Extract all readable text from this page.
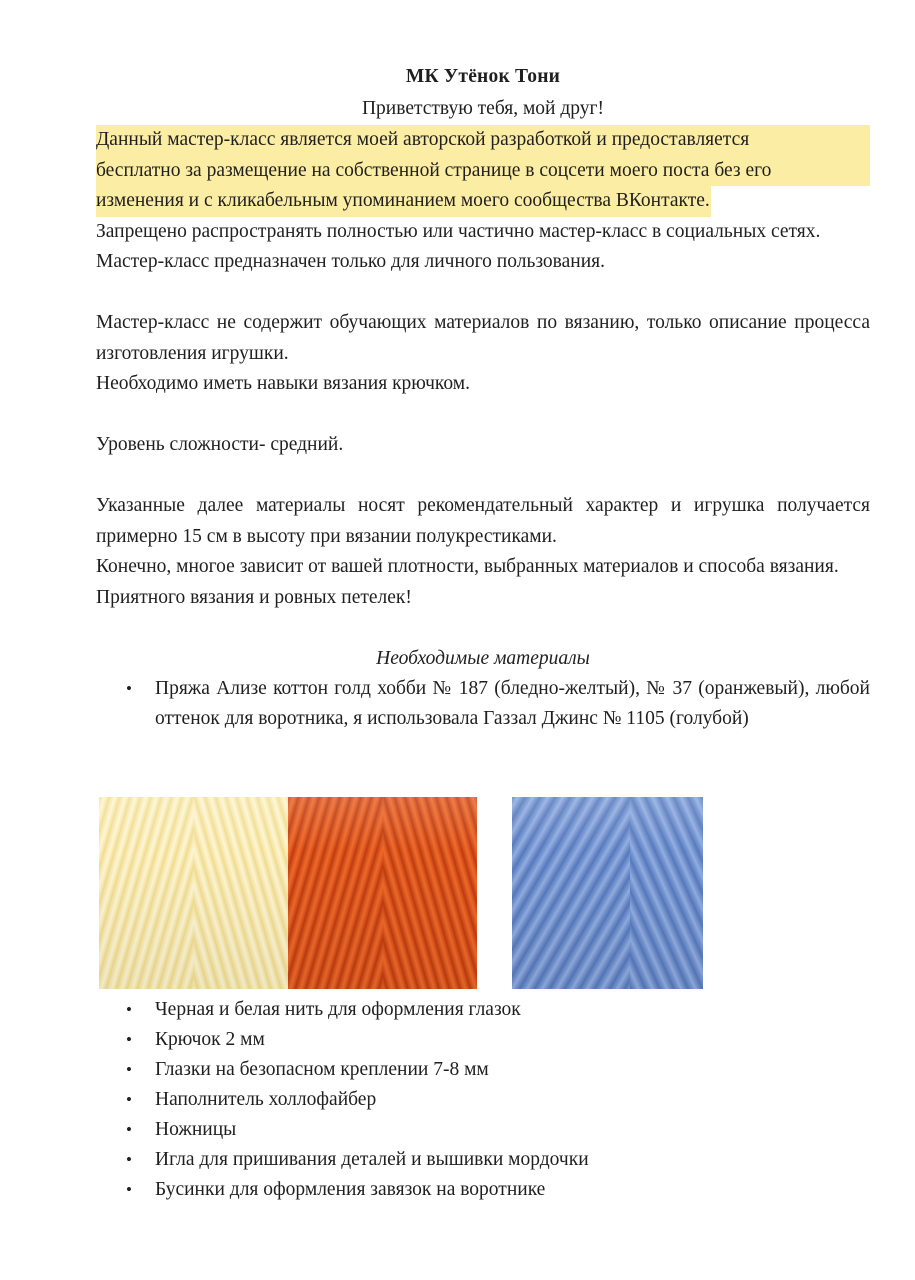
МК Утёнок Тони

Приветствую тебя, мой друг!

Данный мастер-класс является моей авторской разработкой и предоставляется
бесплатно за размещение на собственной странице в соцсети моего поста без его
изменения и с кликабельным упоминанием моего сообщества ВКонтакте.

Запрещено распространять полностью или частично мастер-класс в социальных сетях.

Мастер-класс предназначен только для личного пользования.

Мастер-класс не содержит обучающих материалов по вязанию, только описание процесса изготовления игрушки.

Необходимо иметь навыки вязания крючком.

Уровень сложности- средний.

Указанные далее материалы носят рекомендательный характер и игрушка получается примерно 15 см в высоту при вязании полукрестиками.

Конечно, многое зависит от вашей плотности, выбранных материалов и способа вязания.

Приятного вязания и ровных петелек!

Необходимые материалы

• Пряжа Ализе коттон голд хобби № 187 (бледно-желтый), № 37 (оранжевый), любой оттенок для воротника, я использовала Газзал Джинс № 1105 (голубой)
• Черная и белая нить для оформления глазок
• Крючок 2 мм
• Глазки на безопасном креплении 7-8 мм
• Наполнитель холлофайбер
• Ножницы
• Игла для пришивания деталей и вышивки мордочки
• Бусинки для оформления завязок на воротнике
